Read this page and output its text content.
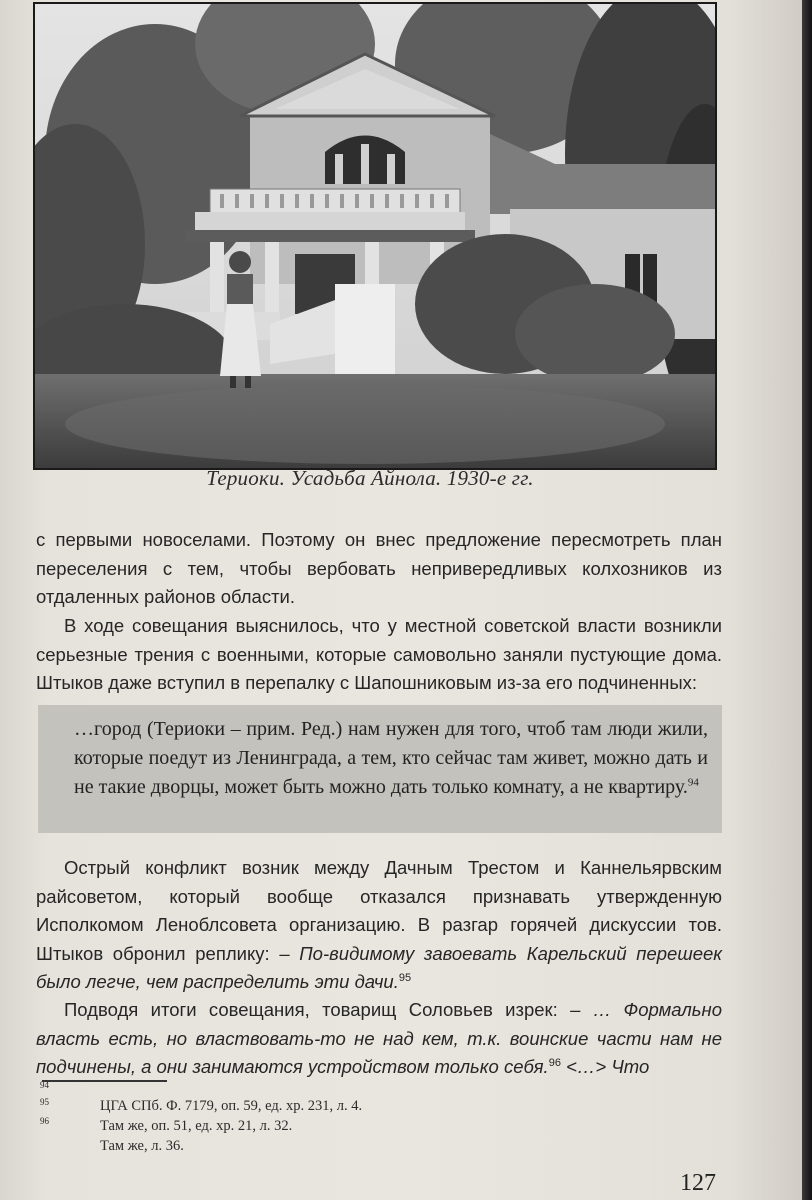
Териоки. Усадьба Айнола. 1930-е гг.

с первыми новоселами. Поэтому он внес предложение пересмотреть план переселения с тем, чтобы вербовать непривередливых колхозников из отдаленных районов области.

В ходе совещания выяснилось, что у местной советской власти возникли серьезные трения с военными, которые самовольно заняли пустующие дома. Штыков даже вступил в перепалку с Шапошниковым из-за его подчиненных:

…город (Териоки – прим. Ред.) нам нужен для того, чтоб там люди жили, которые поедут из Ленинграда, а тем, кто сейчас там живет, можно дать и не такие дворцы, может быть можно дать только комнату, а не квартиру.$^{94}$

Острый конфликт возник между Дачным Трестом и Каннельярвским райсоветом, который вообще отказался признавать утвержденную Исполкомом Леноблсовета организацию. В разгар горячей дискуссии тов. Штыков обронил реплику: – По-видимому завоевать Карельский перешеек было легче, чем распределить эти дачи.$^{95}$

Подводя итоги совещания, товарищ Соловьев изрек: – … Формально власть есть, но властвовать-то не над кем, т.к. воинские части нам не подчинены, а они занимаются устройством только себя.$^{96}$ <…> Что

94
95
96
ЦГА СПб. Ф. 7179, оп. 59, ед. хр. 231, л. 4.
Там же, оп. 51, ед. хр. 21, л. 32.
Там же, л. 36.
127
